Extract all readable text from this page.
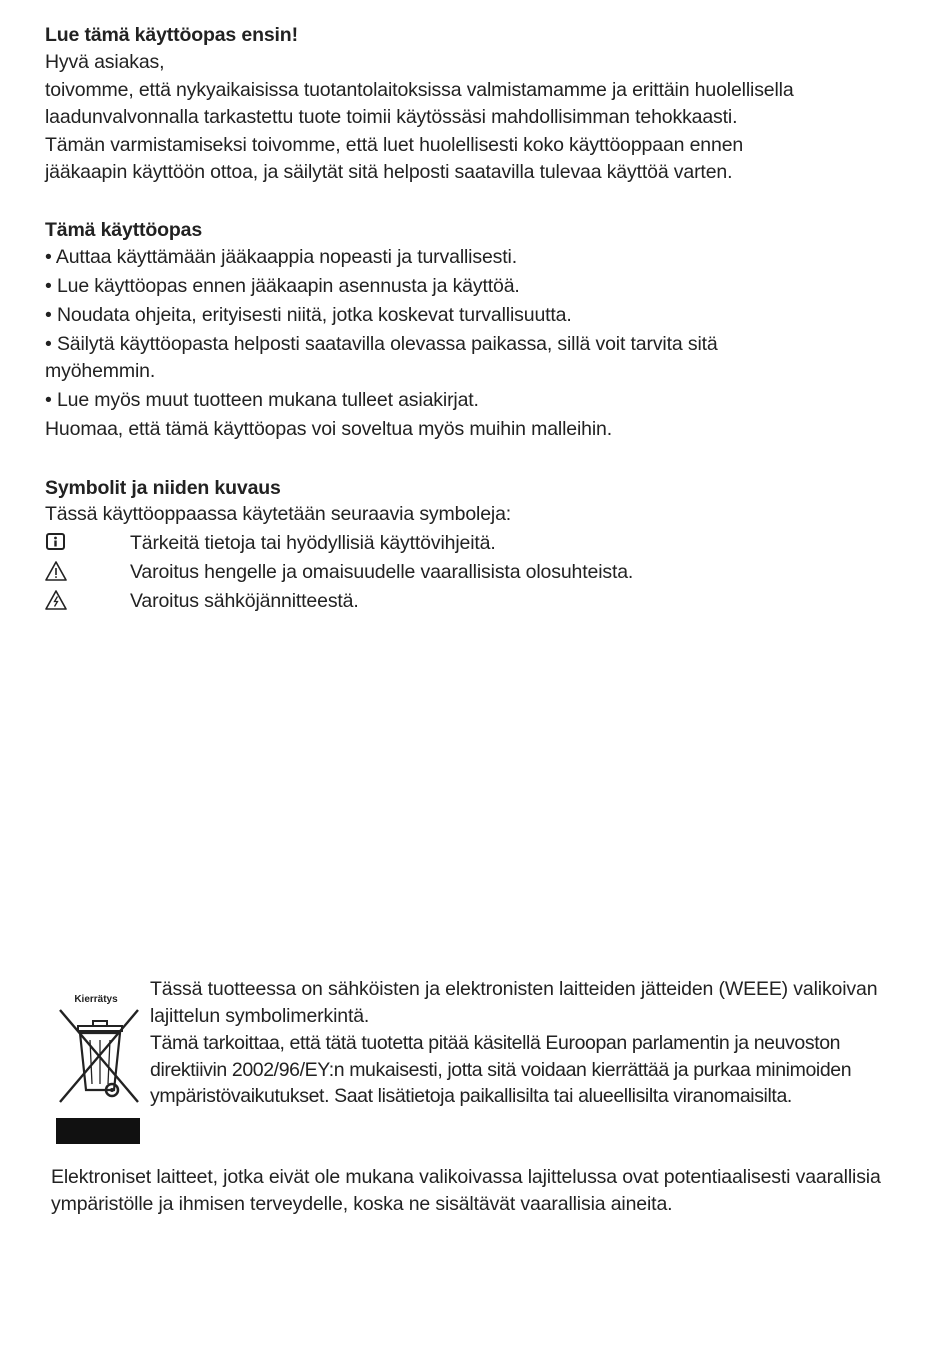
Lue tämä käyttöopas ensin!

Hyvä asiakas,

toivomme, että nykyaikaisissa tuotantolaitoksissa valmistamamme ja erittäin huolellisella laadunvalvonnalla tarkastettu tuote toimii käytössäsi mahdollisimman tehokkaasti.

Tämän varmistamiseksi toivomme, että luet huolellisesti koko käyttöoppaan ennen jääkaapin käyttöön ottoa, ja säilytät sitä helposti saatavilla tulevaa käyttöä varten.

Tämä käyttöopas

• Auttaa käyttämään jääkaappia nopeasti ja turvallisesti.

• Lue käyttöopas ennen jääkaapin asennusta ja käyttöä.

• Noudata ohjeita, erityisesti niitä, jotka koskevat turvallisuutta.

• Säilytä käyttöopasta helposti saatavilla olevassa paikassa, sillä voit tarvita sitä myöhemmin.

• Lue myös muut tuotteen mukana tulleet asiakirjat.

Huomaa, että tämä käyttöopas voi soveltua myös muihin malleihin.

Symbolit ja niiden kuvaus

Tässä käyttöoppaassa käytetään seuraavia symboleja:

Tärkeitä tietoja tai hyödyllisiä käyttövihjeitä.
Varoitus hengelle ja omaisuudelle vaarallisista olosuhteista.
Varoitus sähköjännitteestä.
Kierrätys	Tässä tuotteessa on sähköisten ja elektronisten laitteiden jätteiden (WEEE) valikoivan lajittelun symbolimerkintä.

Tämä tarkoittaa, että tätä tuotetta pitää käsitellä Euroopan parlamentin ja neuvoston direktiivin 2002/96/EY:n mukaisesti, jotta sitä voidaan kierrättää ja purkaa minimoiden ympäristövaikutukset. Saat lisätietoja paikallisilta tai alueellisilta viranomaisilta.

Elektroniset laitteet, jotka eivät ole mukana valikoivassa lajittelussa ovat potentiaalisesti vaarallisia ympäristölle ja ihmisen terveydelle, koska ne sisältävät vaarallisia aineita.
